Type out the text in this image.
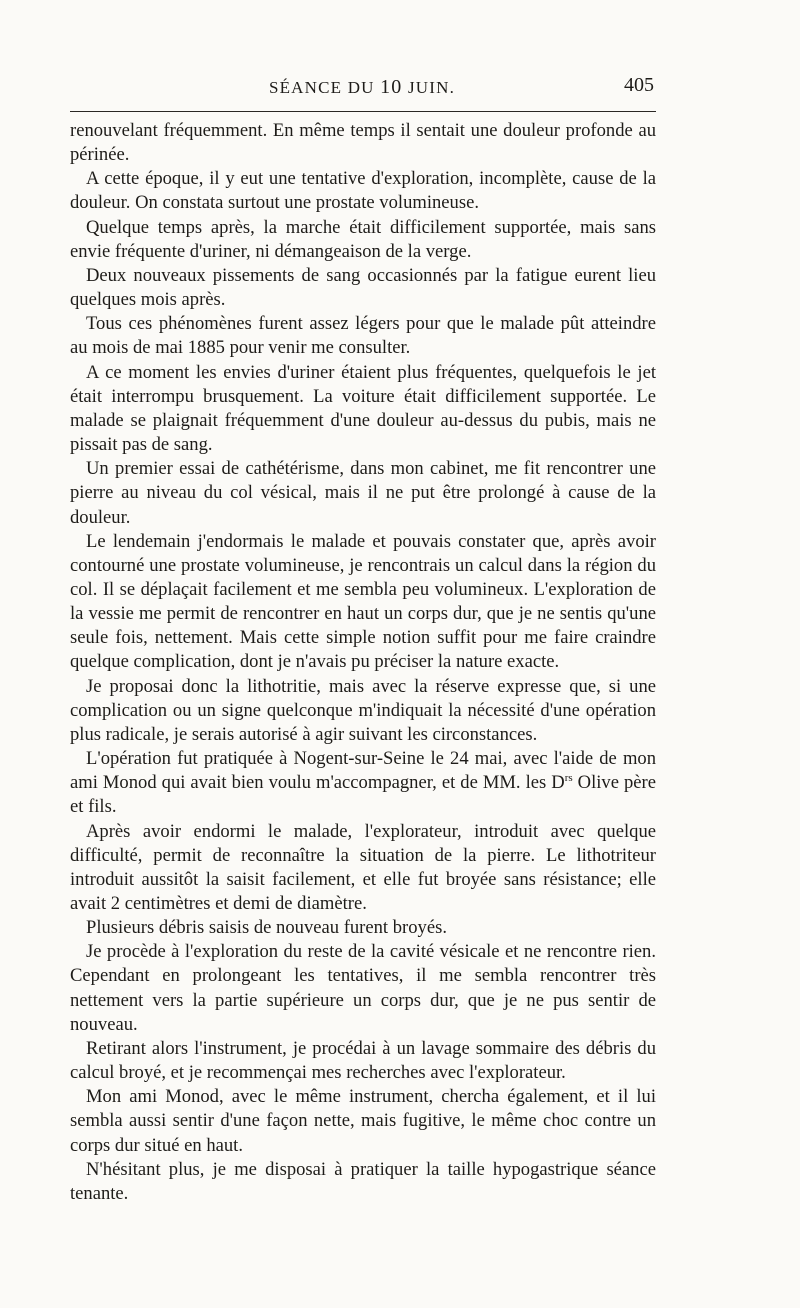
SÉANCE DU 10 JUIN.	405

renouvelant fréquemment. En même temps il sentait une douleur profonde au périnée.

A cette époque, il y eut une tentative d'exploration, incomplète, cause de la douleur. On constata surtout une prostate volumineuse.

Quelque temps après, la marche était difficilement supportée, mais sans envie fréquente d'uriner, ni démangeaison de la verge.

Deux nouveaux pissements de sang occasionnés par la fatigue eurent lieu quelques mois après.

Tous ces phénomènes furent assez légers pour que le malade pût atteindre au mois de mai 1885 pour venir me consulter.

A ce moment les envies d'uriner étaient plus fréquentes, quelquefois le jet était interrompu brusquement. La voiture était difficilement supportée. Le malade se plaignait fréquemment d'une douleur au-dessus du pubis, mais ne pissait pas de sang.

Un premier essai de cathétérisme, dans mon cabinet, me fit rencontrer une pierre au niveau du col vésical, mais il ne put être prolongé à cause de la douleur.

Le lendemain j'endormais le malade et pouvais constater que, après avoir contourné une prostate volumineuse, je rencontrais un calcul dans la région du col. Il se déplaçait facilement et me sembla peu volumineux. L'exploration de la vessie me permit de rencontrer en haut un corps dur, que je ne sentis qu'une seule fois, nettement. Mais cette simple notion suffit pour me faire craindre quelque complication, dont je n'avais pu préciser la nature exacte.

Je proposai donc la lithotritie, mais avec la réserve expresse que, si une complication ou un signe quelconque m'indiquait la nécessité d'une opération plus radicale, je serais autorisé à agir suivant les circonstances.

L'opération fut pratiquée à Nogent-sur-Seine le 24 mai, avec l'aide de mon ami Monod qui avait bien voulu m'accompagner, et de MM. les $D^{rs}$ Olive père et fils.

Après avoir endormi le malade, l'explorateur, introduit avec quelque difficulté, permit de reconnaître la situation de la pierre. Le lithotriteur introduit aussitôt la saisit facilement, et elle fut broyée sans résistance; elle avait 2 centimètres et demi de diamètre.

Plusieurs débris saisis de nouveau furent broyés.

Je procède à l'exploration du reste de la cavité vésicale et ne rencontre rien. Cependant en prolongeant les tentatives, il me sembla rencontrer très nettement vers la partie supérieure un corps dur, que je ne pus sentir de nouveau.

Retirant alors l'instrument, je procédai à un lavage sommaire des débris du calcul broyé, et je recommençai mes recherches avec l'explorateur.

Mon ami Monod, avec le même instrument, chercha également, et il lui sembla aussi sentir d'une façon nette, mais fugitive, le même choc contre un corps dur situé en haut.

N'hésitant plus, je me disposai à pratiquer la taille hypogastrique séance tenante.
